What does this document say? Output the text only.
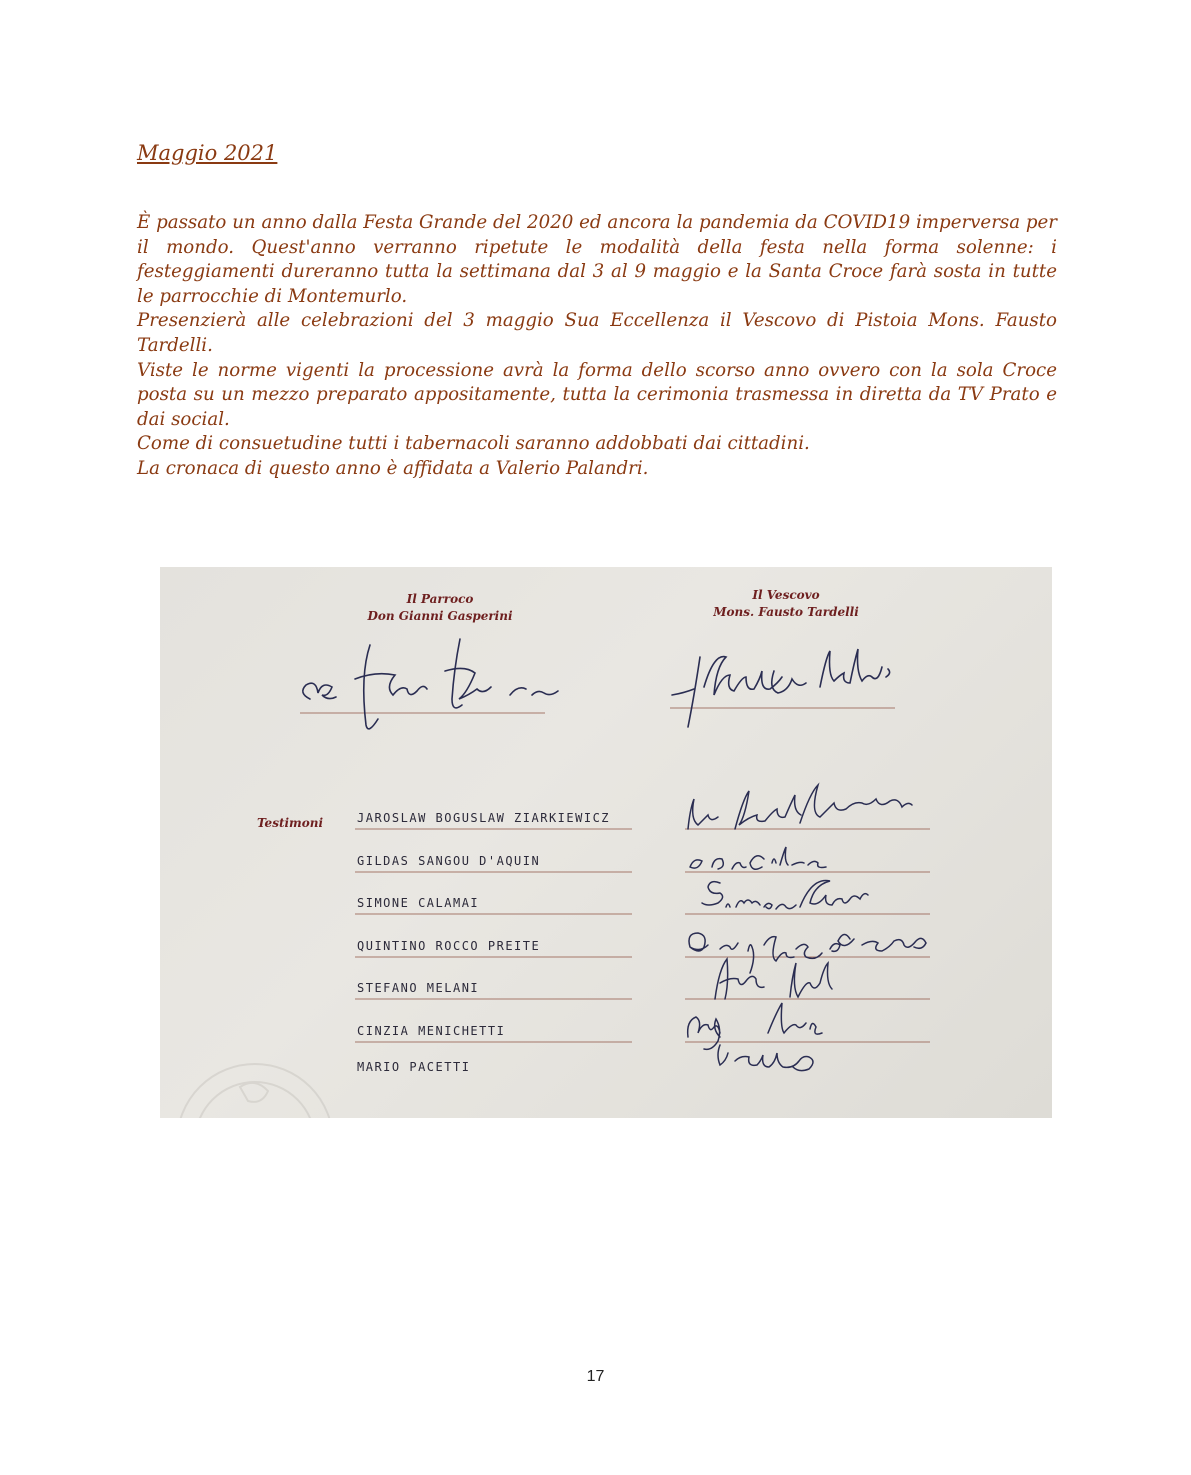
Maggio 2021

È passato un anno dalla Festa Grande del 2020 ed ancora la pandemia da COVID19 imperversa per il mondo. Quest'anno verranno ripetute le modalità della festa nella forma solenne: i festeggiamenti dureranno tutta la settimana dal 3 al 9 maggio e la Santa Croce farà sosta in tutte le parrocchie di Montemurlo.

Presenzierà alle celebrazioni del 3 maggio Sua Eccellenza il Vescovo di Pistoia Mons. Fausto Tardelli.

Viste le norme vigenti la processione avrà la forma dello scorso anno ovvero con la sola Croce posta su un mezzo preparato appositamente, tutta la cerimonia trasmessa in diretta da TV Prato e dai social.

Come di consuetudine tutti i tabernacoli saranno addobbati dai cittadini.

La cronaca di questo anno è affidata a Valerio Palandri.

Il Parroco
Don Gianni Gasperini
Il Vescovo
Mons. Fausto Tardelli
Testimoni	JAROSLAW BOGUSLAW ZIARKIEWICZ
GILDAS SANGOU D'AQUIN
SIMONE CALAMAI
QUINTINO ROCCO PREITE
STEFANO MELANI
CINZIA MENICHETTI
MARIO PACETTI
17
